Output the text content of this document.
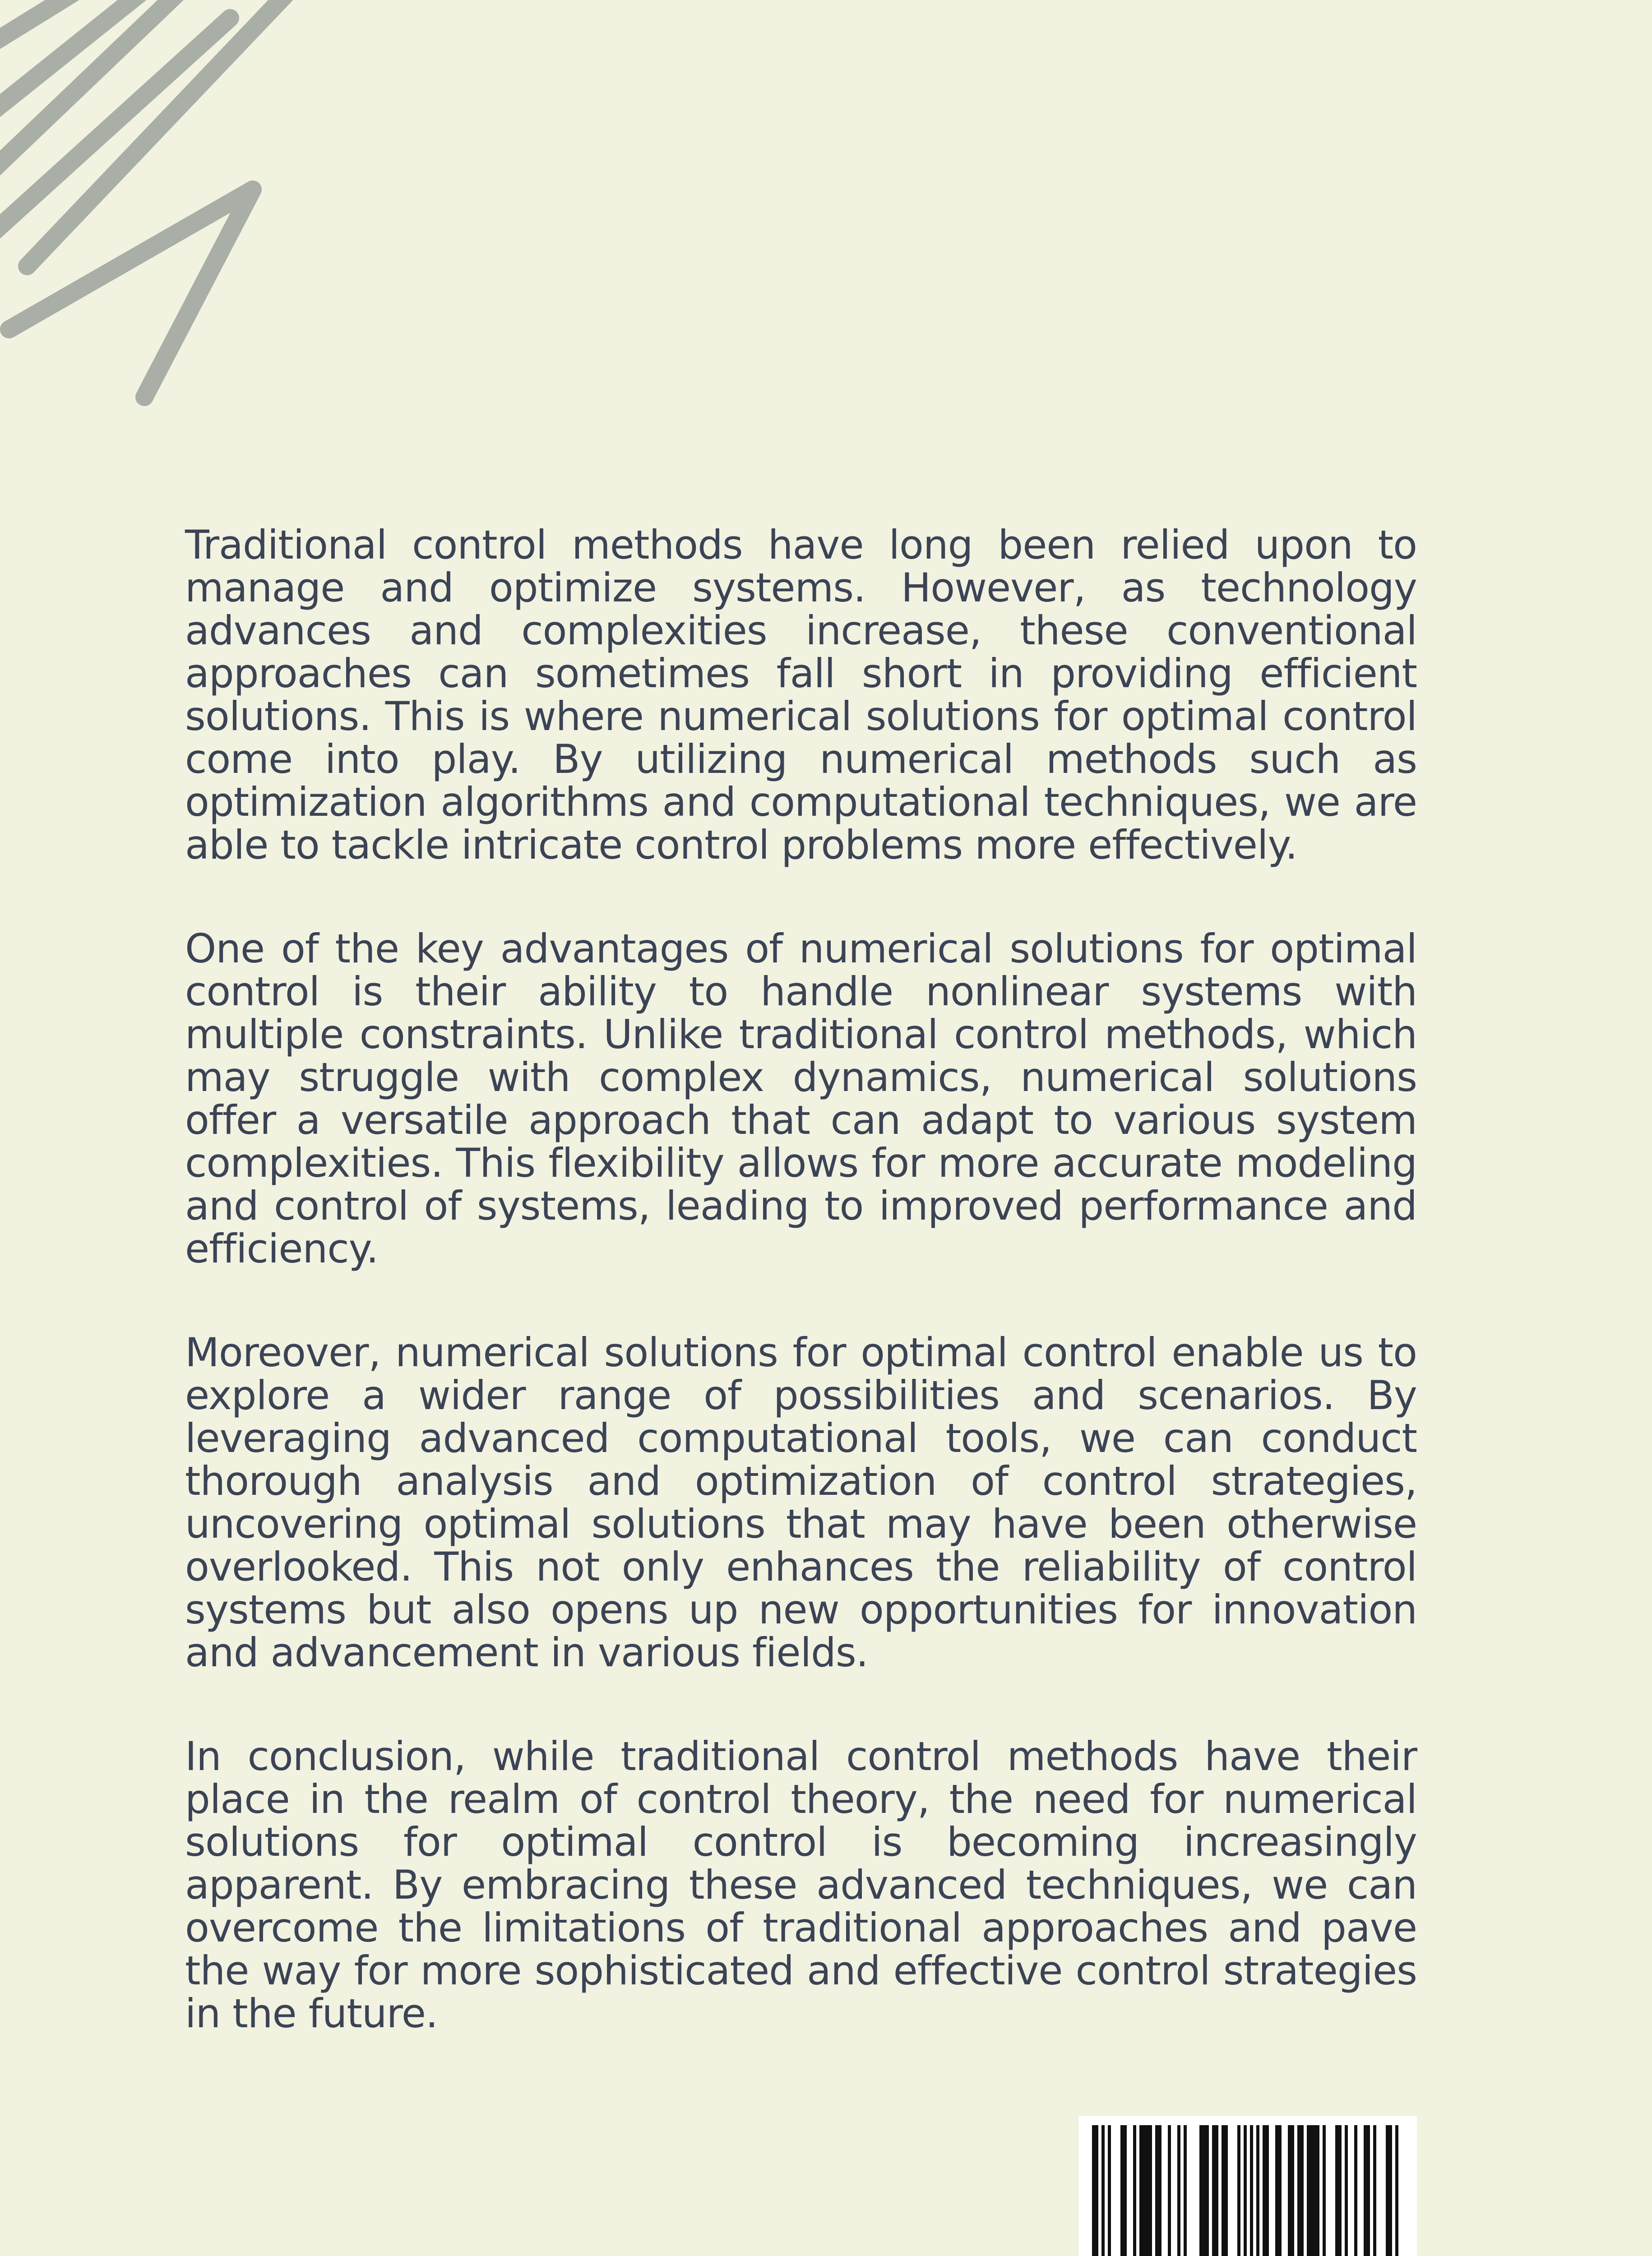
Traditional control methods have long been relied upon to manage and optimize systems. However, as technology advances and complexities increase, these conventional approaches can sometimes fall short in providing efficient solutions. This is where numerical solutions for optimal control come into play. By utilizing numerical methods such as optimization algorithms and computational techniques, we are able to tackle intricate control problems more effectively.

One of the key advantages of numerical solutions for optimal control is their ability to handle nonlinear systems with multiple constraints. Unlike traditional control methods, which may struggle with complex dynamics, numerical solutions offer a versatile approach that can adapt to various system complexities. This flexibility allows for more accurate modeling and control of systems, leading to improved performance and efficiency.

Moreover, numerical solutions for optimal control enable us to explore a wider range of possibilities and scenarios. By leveraging advanced computational tools, we can conduct thorough analysis and optimization of control strategies, uncovering optimal solutions that may have been otherwise overlooked. This not only enhances the reliability of control systems but also opens up new opportunities for innovation and advancement in various fields.

In conclusion, while traditional control methods have their place in the realm of control theory, the need for numerical solutions for optimal control is becoming increasingly apparent. By embracing these advanced techniques, we can overcome the limitations of traditional approaches and pave the way for more sophisticated and effective control strategies in the future.
